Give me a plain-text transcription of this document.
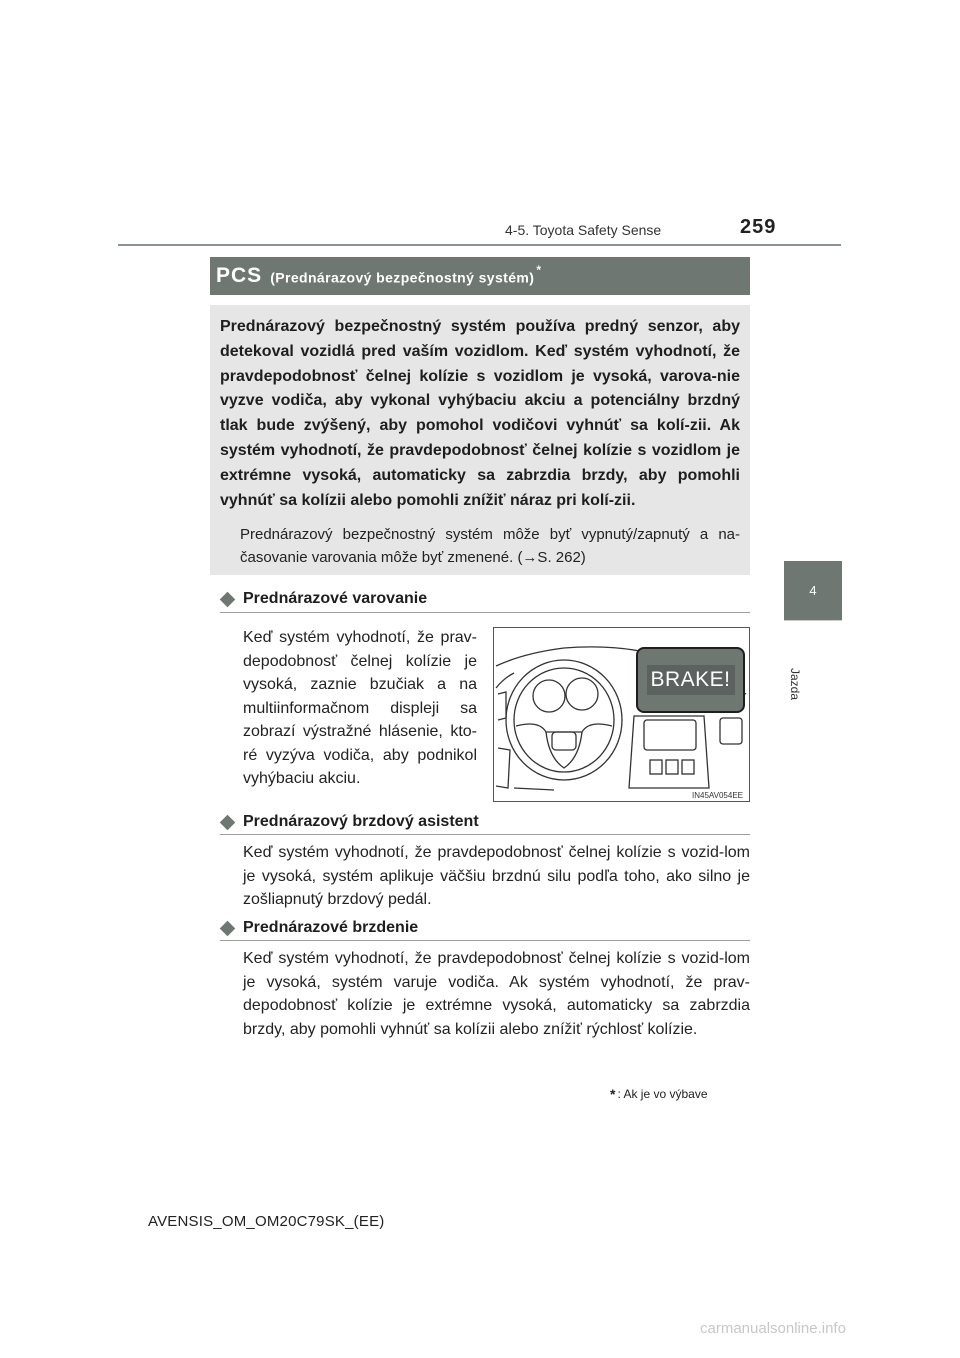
4-5. Toyota Safety Sense	259
4
Jazda
PCS (Prednárazový bezpečnostný systém) *

Prednárazový bezpečnostný systém používa predný senzor, aby detekoval vozidlá pred vaším vozidlom. Keď systém vyhodnotí, že pravdepodobnosť čelnej kolízie s vozidlom je vysoká, varova-nie vyzve vodiča, aby vykonal vyhýbaciu akciu a potenciálny brzdný tlak bude zvýšený, aby pomohol vodičovi vyhnúť sa kolí-zii. Ak systém vyhodnotí, že pravdepodobnosť čelnej kolízie s vozidlom je extrémne vysoká, automaticky sa zabrzdia brzdy, aby pomohli vyhnúť sa kolízii alebo pomohli znížiť náraz pri kolí-zii.

Prednárazový bezpečnostný systém môže byť vypnutý/zapnutý a na-časovanie varovania môže byť zmenené. (→S. 262)

Prednárazové varovanie

Keď systém vyhodnotí, že prav-depodobnosť čelnej kolízie je vysoká, zaznie bzučiak a na multiinformačnom displeji sa zobrazí výstražné hlásenie, kto-ré vyzýva vodiča, aby podnikol vyhýbaciu akciu.

IN45AV054EE
BRAKE!
Prednárazový brzdový asistent

Keď systém vyhodnotí, že pravdepodobnosť čelnej kolízie s vozid-lom je vysoká, systém aplikuje väčšiu brzdnú silu podľa toho, ako silno je zošliapnutý brzdový pedál.

Prednárazové brzdenie

Keď systém vyhodnotí, že pravdepodobnosť čelnej kolízie s vozid-lom je vysoká, systém varuje vodiča. Ak systém vyhodnotí, že prav-depodobnosť kolízie je extrémne vysoká, automaticky sa zabrzdia brzdy, aby pomohli vyhnúť sa kolízii alebo znížiť rýchlosť kolízie.

* : Ak je vo výbave
AVENSIS_OM_OM20C79SK_(EE)
carmanualsonline.info
